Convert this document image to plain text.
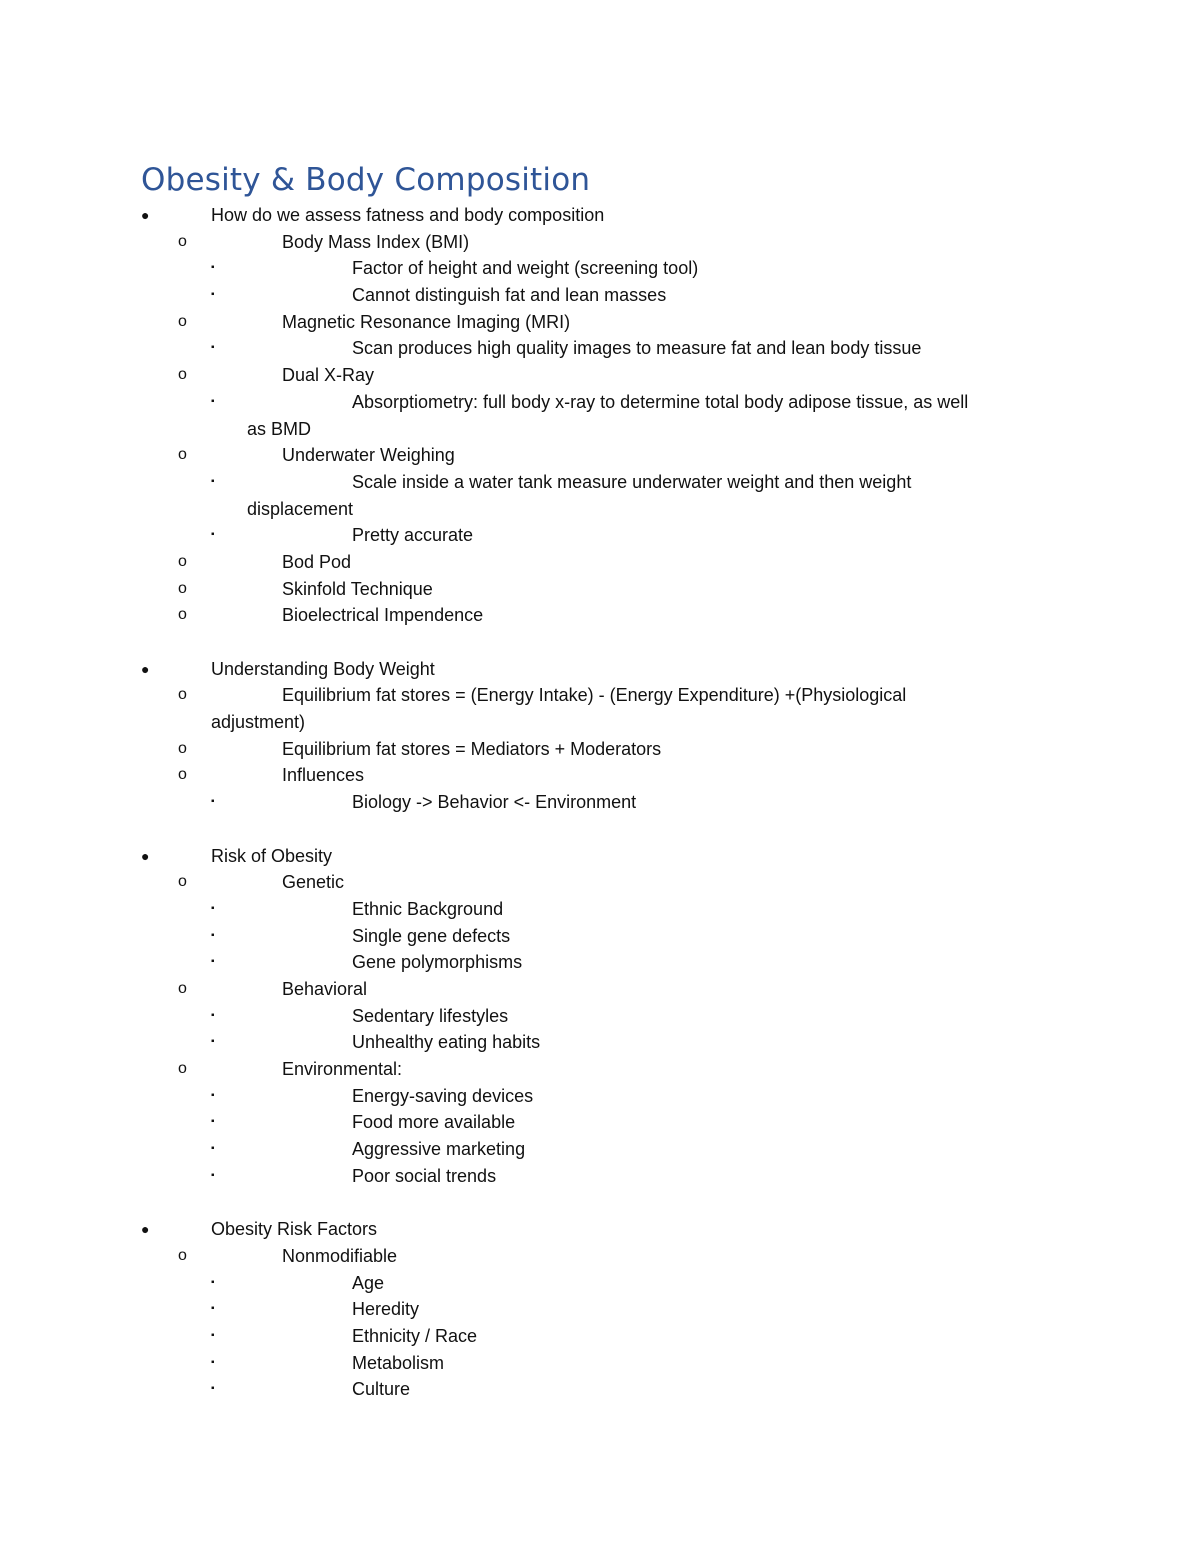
Obesity & Body Composition
●	How do we assess fatness and body composition
o	Body Mass Index (BMI)
▪	Factor of height and weight (screening tool)
▪	Cannot distinguish fat and lean masses
o	Magnetic Resonance Imaging (MRI)
▪	Scan produces high quality images to measure fat and lean body tissue
o	Dual X-Ray
▪	Absorptiometry: full body x-ray to determine total body adipose tissue, as well
as BMD
o	Underwater Weighing
▪	Scale inside a water tank measure underwater weight and then weight
displacement
▪	Pretty accurate
o	Bod Pod
o	Skinfold Technique
o	Bioelectrical Impendence
●	Understanding Body Weight
o	Equilibrium fat stores = (Energy Intake) - (Energy Expenditure) +(Physiological
adjustment)
o	Equilibrium fat stores = Mediators + Moderators
o	Influences
▪	Biology -> Behavior <- Environment
●	Risk of Obesity
o	Genetic
▪	Ethnic Background
▪	Single gene defects
▪	Gene polymorphisms
o	Behavioral
▪	Sedentary lifestyles
▪	Unhealthy eating habits
o	Environmental:
▪	Energy-saving devices
▪	Food more available
▪	Aggressive marketing
▪	Poor social trends
●	Obesity Risk Factors
o	Nonmodifiable
▪	Age
▪	Heredity
▪	Ethnicity / Race
▪	Metabolism
▪	Culture
